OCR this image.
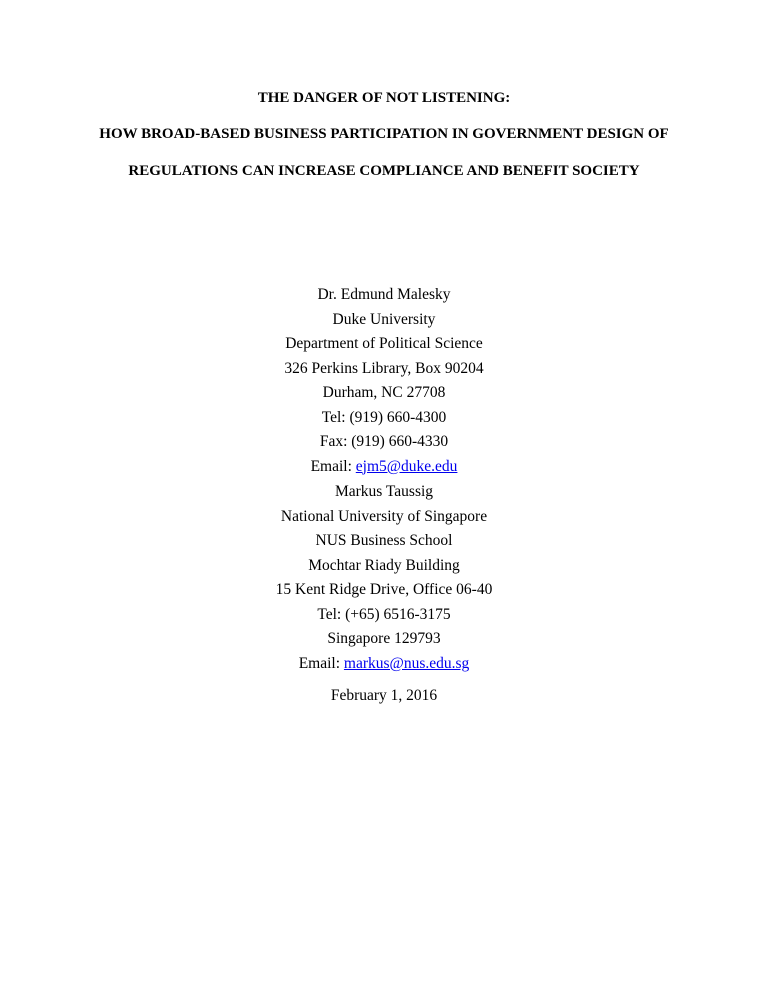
THE DANGER OF NOT LISTENING:
HOW BROAD-BASED BUSINESS PARTICIPATION IN GOVERNMENT DESIGN OF
REGULATIONS CAN INCREASE COMPLIANCE AND BENEFIT SOCIETY
Dr. Edmund Malesky
Duke University
Department of Political Science
326 Perkins Library, Box 90204
Durham, NC 27708
Tel: (919) 660-4300
Fax: (919) 660-4330
Email: ejm5@duke.edu
Markus Taussig
National University of Singapore
NUS Business School
Mochtar Riady Building
15 Kent Ridge Drive, Office 06-40
Tel: (+65) 6516-3175
Singapore 129793
Email: markus@nus.edu.sg
February 1, 2016
